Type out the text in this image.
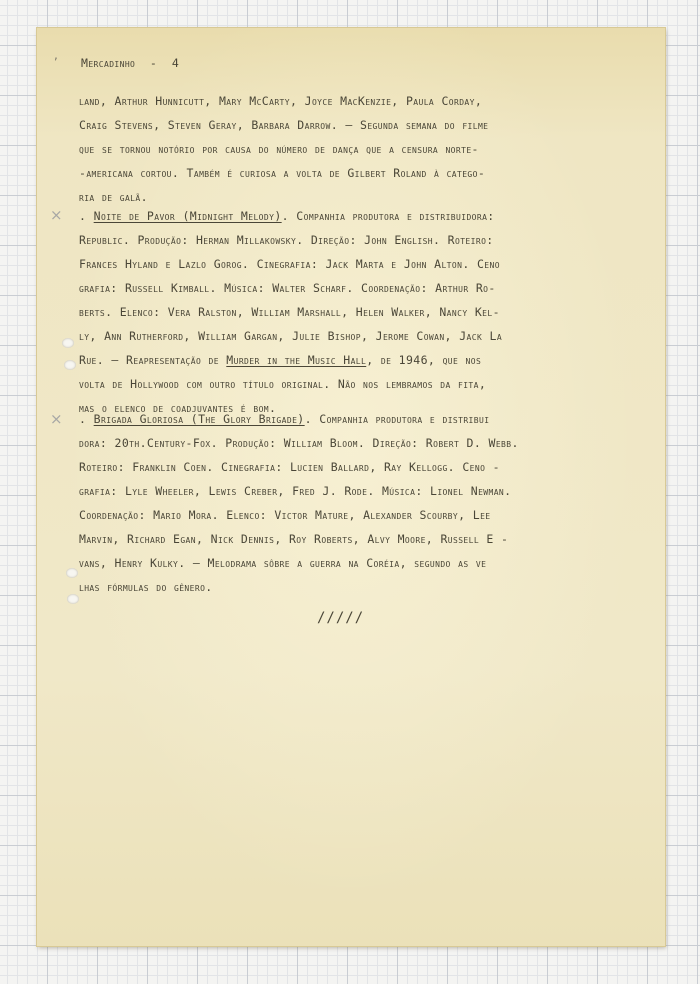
,
Mercadinho  -  4
land, Arthur Hunnicutt, Mary McCarty, Joyce MacKenzie, Paula Corday,
Craig Stevens, Steven Geray, Barbara Darrow. — Segunda semana do filme
que se tornou notório por causa do número de dança que a censura norte-
-americana cortou. Também é curiosa a volta de Gilbert Roland à catego-
ria de galã.
. Noite de Pavor (Midnight Melody). Companhia produtora e distribuidora:
Republic. Produção: Herman Millakowsky. Direção: John English. Roteiro:
Frances Hyland e Lazlo Gorog. Cinegrafia: Jack Marta e John Alton. Ceno
grafia: Russell Kimball. Música: Walter Scharf. Coordenação: Arthur Ro-
berts. Elenco: Vera Ralston, William Marshall, Helen Walker, Nancy Kel-
ly, Ann Rutherford, William Gargan, Julie Bishop, Jerome Cowan, Jack La
Rue. — Reapresentação de Murder in the Music Hall, de 1946, que nos
volta de Hollywood com outro título original. Não nos lembramos da fita,
mas o elenco de coadjuvantes é bom.
. Brigada Gloriosa (The Glory Brigade). Companhia produtora e distribui
dora: 20th.Century-Fox. Produção: William Bloom. Direção: Robert D. Webb.
Roteiro: Franklin Coen. Cinegrafia: Lucien Ballard, Ray Kellogg. Ceno -
grafia: Lyle Wheeler, Lewis Creber, Fred J. Rode. Música: Lionel Newman.
Coordenação: Mario Mora. Elenco: Victor Mature, Alexander Scourby, Lee
Marvin, Richard Egan, Nick Dennis, Roy Roberts, Alvy Moore, Russell E -
vans, Henry Kulky. — Melodrama sôbre a guerra na Coréia, segundo as ve
lhas fórmulas do gênero.
/////
×
×
